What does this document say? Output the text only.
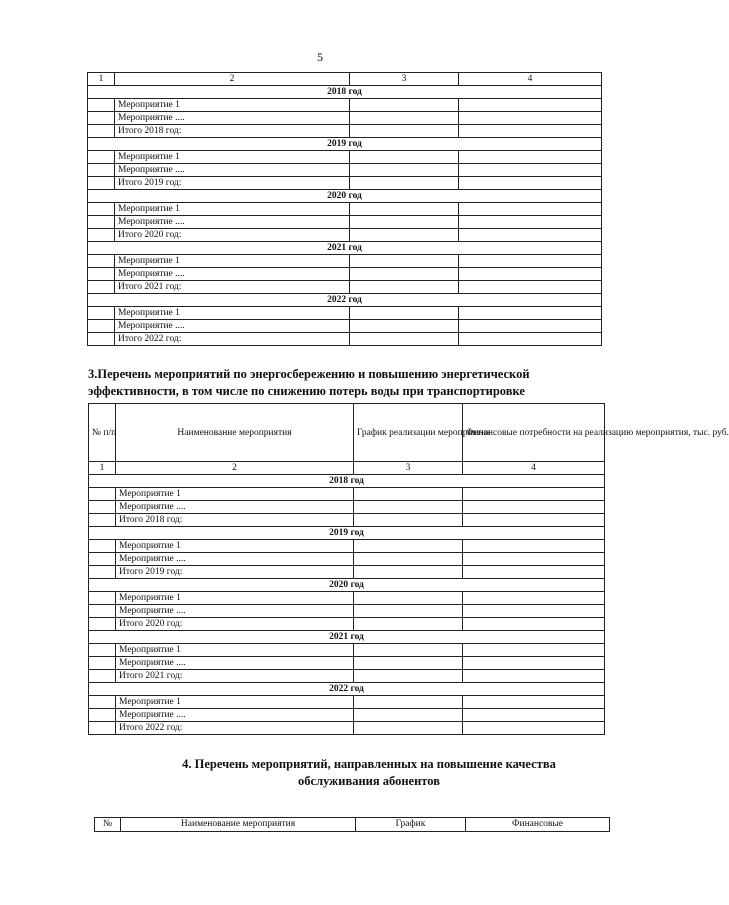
5
1	2	3	4
2018 год			
	Мероприятие 1		
	Мероприятие ....		
	Итого 2018 год:		
2019 год			
	Мероприятие 1		
	Мероприятие ....		
	Итого 2019 год:		
2020 год			
	Мероприятие 1		
	Мероприятие ....		
	Итого 2020 год:		
2021 год			
	Мероприятие 1		
	Мероприятие ....		
	Итого 2021 год:		
2022 год			
	Мероприятие 1		
	Мероприятие ....		
	Итого 2022 год:		
3.Перечень мероприятий по энергосбережению и повышению энергетической эффективности, в том числе по снижению потерь воды при транспортировке
№ п/п	Наименование мероприятия	График реализации мероприятия	Финансовые потребности на реализацию мероприятия, тыс. руб.
1	2	3	4
2018 год			
	Мероприятие 1		
	Мероприятие ....		
	Итого 2018 год:		
2019 год			
	Мероприятие 1		
	Мероприятие ....		
	Итого 2019 год:		
2020 год			
	Мероприятие 1		
	Мероприятие ....		
	Итого 2020 год:		
2021 год			
	Мероприятие 1		
	Мероприятие ....		
	Итого 2021 год:		
2022 год			
	Мероприятие 1		
	Мероприятие ....		
	Итого 2022 год:		
4. Перечень мероприятий, направленных на повышение качества обслуживания абонентов
№	Наименование мероприятия	График	Финансовые
